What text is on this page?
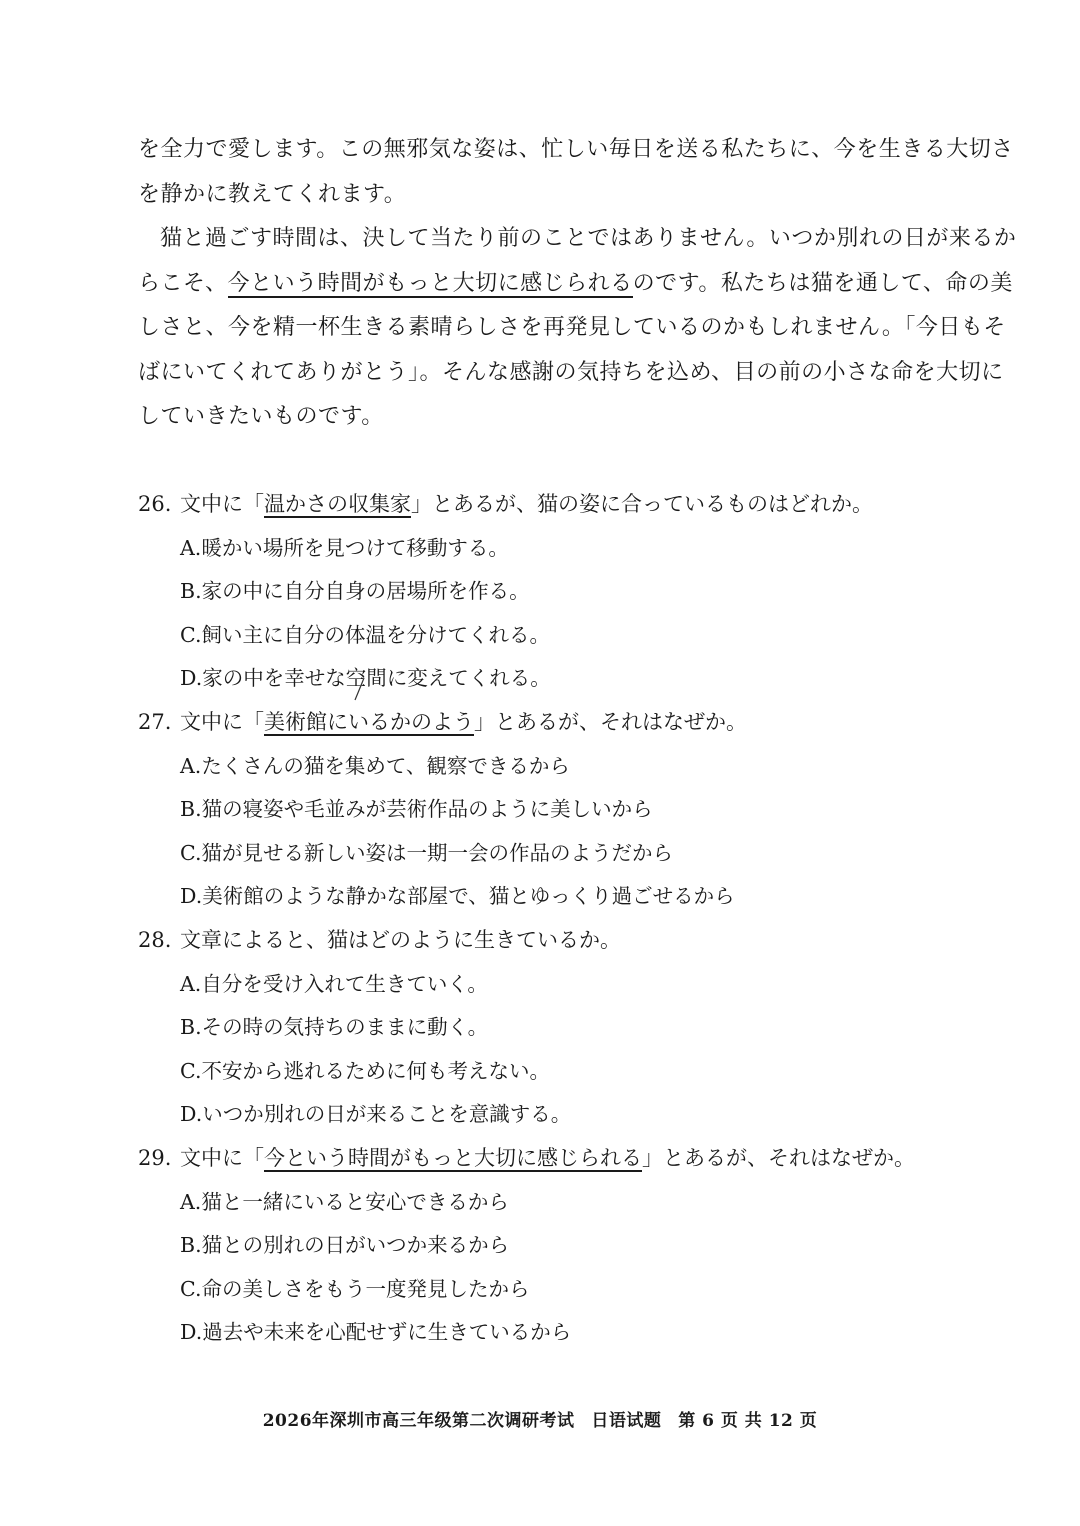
を全力で愛します。この無邪気な姿は、忙しい毎日を送る私たちに、今を生きる大切さ
を静かに教えてくれます。
猫と過ごす時間は、決して当たり前のことではありません。いつか別れの日が来るか
らこそ、今という時間がもっと大切に感じられるのです。私たちは猫を通して、命の美
しさと、今を精一杯生きる素晴らしさを再発見しているのかもしれません。「今日もそ
ばにいてくれてありがとう」。そんな感謝の気持ちを込め、目の前の小さな命を大切に
していきたいものです。
26. 文中に「温かさの収集家」とあるが、猫の姿に合っているものはどれか。
A.暖かい場所を見つけて移動する。
B.家の中に自分自身の居場所を作る。
C.飼い主に自分の体温を分けてくれる。
D.家の中を幸せな空間に変えてくれる。
27. 文中に「美術館にいるかのよう」とあるが、それはなぜか。
A.たくさんの猫を集めて、観察できるから
B.猫の寝姿や毛並みが芸術作品のように美しいから
C.猫が見せる新しい姿は一期一会の作品のようだから
D.美術館のような静かな部屋で、猫とゆっくり過ごせるから
28. 文章によると、猫はどのように生きているか。
A.自分を受け入れて生きていく。
B.その時の気持ちのままに動く。
C.不安から逃れるために何も考えない。
D.いつか別れの日が来ることを意識する。
29. 文中に「今という時間がもっと大切に感じられる」とあるが、それはなぜか。
A.猫と一緒にいると安心できるから
B.猫との別れの日がいつか来るから
C.命の美しさをもう一度発見したから
D.過去や未来を心配せずに生きているから
2026年深圳市高三年级第二次调研考试 日语试题 第 6 页 共 12 页
